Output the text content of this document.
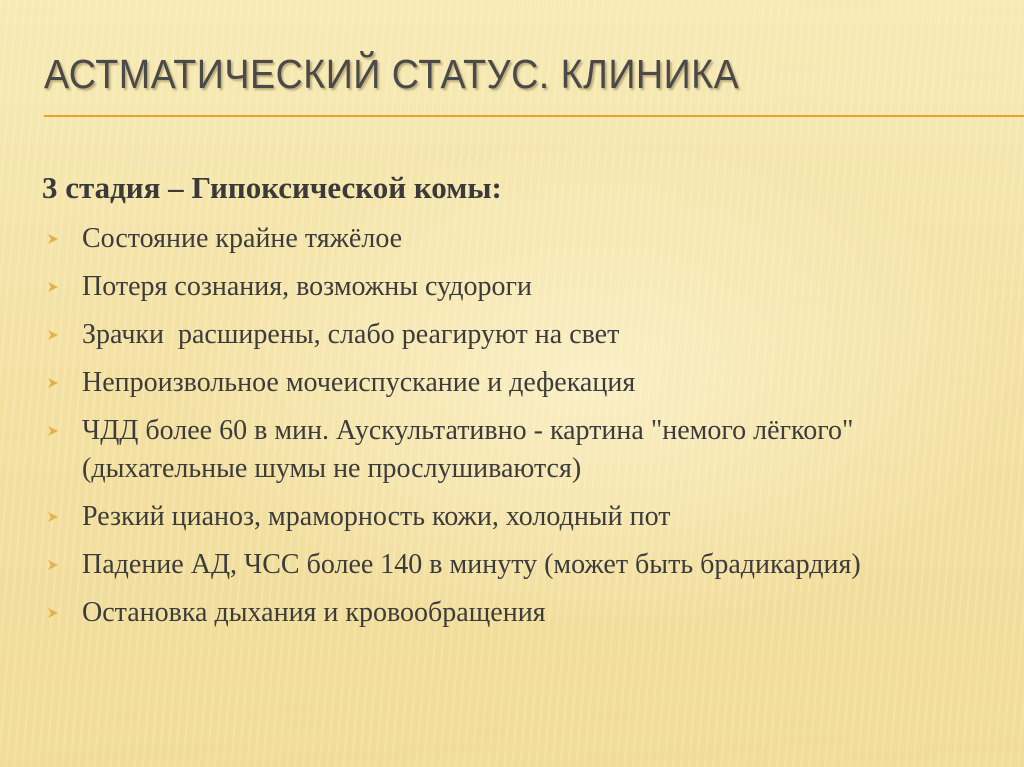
АСТМАТИЧЕСКИЙ СТАТУС. КЛИНИКА
3 стадия – Гипоксической комы:
Состояние крайне тяжёлое
Потеря сознания, возможны судороги
Зрачки  расширены, слабо реагируют на свет
Непроизвольное мочеиспускание и дефекация
ЧДД более 60 в мин. Аускультативно - картина "немого лёгкого" (дыхательные шумы не прослушиваются)
Резкий цианоз, мраморность кожи, холодный пот
Падение АД, ЧСС более 140 в минуту (может быть брадикардия)
Остановка дыхания и кровообращения
